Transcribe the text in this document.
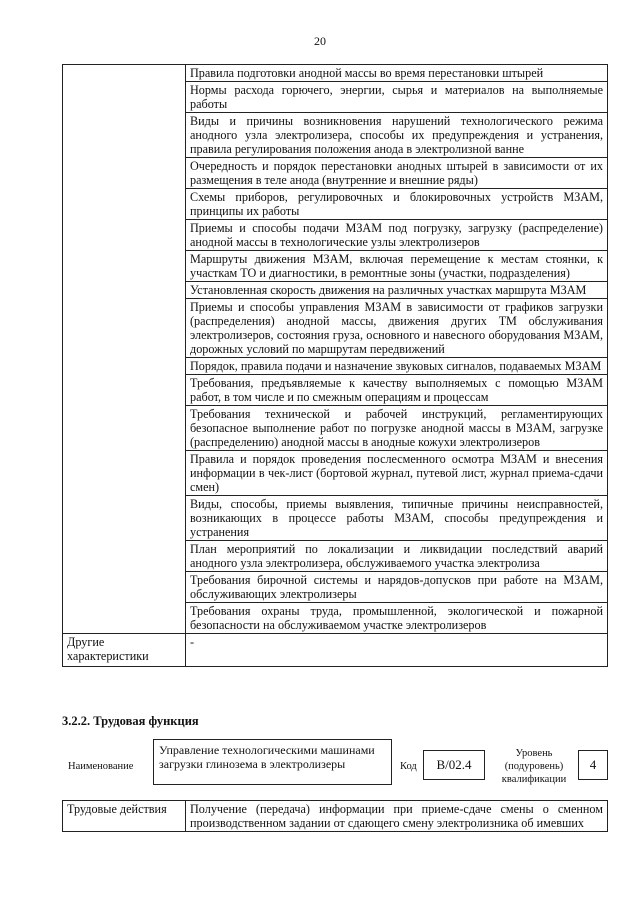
20
	Правила подготовки анодной массы во время перестановки штырей
	Нормы расхода горючего, энергии, сырья и материалов на выполняемые работы
	Виды и причины возникновения нарушений технологического режима анодного узла электролизера, способы их предупреждения и устранения, правила регулирования положения анода в электролизной ванне
	Очередность и порядок перестановки анодных штырей в зависимости от их размещения в теле анода (внутренние и внешние ряды)
	Схемы приборов, регулировочных и блокировочных устройств МЗАМ, принципы их работы
	Приемы и способы подачи МЗАМ под погрузку, загрузку (распределение) анодной массы в технологические узлы электролизеров
	Маршруты движения МЗАМ, включая перемещение к местам стоянки, к участкам ТО и диагностики, в ремонтные зоны (участки, подразделения)
	Установленная скорость движения на различных участках маршрута МЗАМ
	Приемы и способы управления МЗАМ в зависимости от графиков загрузки (распределения) анодной массы, движения других ТМ обслуживания электролизеров, состояния груза, основного и навесного оборудования МЗАМ, дорожных условий по маршрутам передвижений
	Порядок, правила подачи и назначение звуковых сигналов, подаваемых МЗАМ
	Требования, предъявляемые к качеству выполняемых с помощью МЗАМ работ, в том числе и по смежным операциям и процессам
	Требования технической и рабочей инструкций, регламентирующих безопасное выполнение работ по погрузке анодной массы в МЗАМ, загрузке (распределению) анодной массы в анодные кожухи электролизеров
	Правила и порядок проведения послесменного осмотра МЗАМ и внесения информации в чек-лист (бортовой журнал, путевой лист, журнал приема-сдачи смен)
	Виды, способы, приемы выявления, типичные причины неисправностей, возникающих в процессе работы МЗАМ, способы предупреждения и устранения
	План мероприятий по локализации и ликвидации последствий аварий анодного узла электролизера, обслуживаемого участка электролиза
	Требования бирочной системы и нарядов-допусков при работе на МЗАМ, обслуживающих электролизеры
	Требования охраны труда, промышленной, экологической и пожарной безопасности на обслуживаемом участке электролизеров
Другие характеристики	-
3.2.2. Трудовая функция
Наименование
Управление технологическими машинами загрузки глинозема в электролизеры	Код	B/02.4
Уровень (подуровень) квалификации
4
Трудовые действия	Получение (передача) информации при приеме-сдаче смены о сменном производственном задании от сдающего смену электролизника об имевших
